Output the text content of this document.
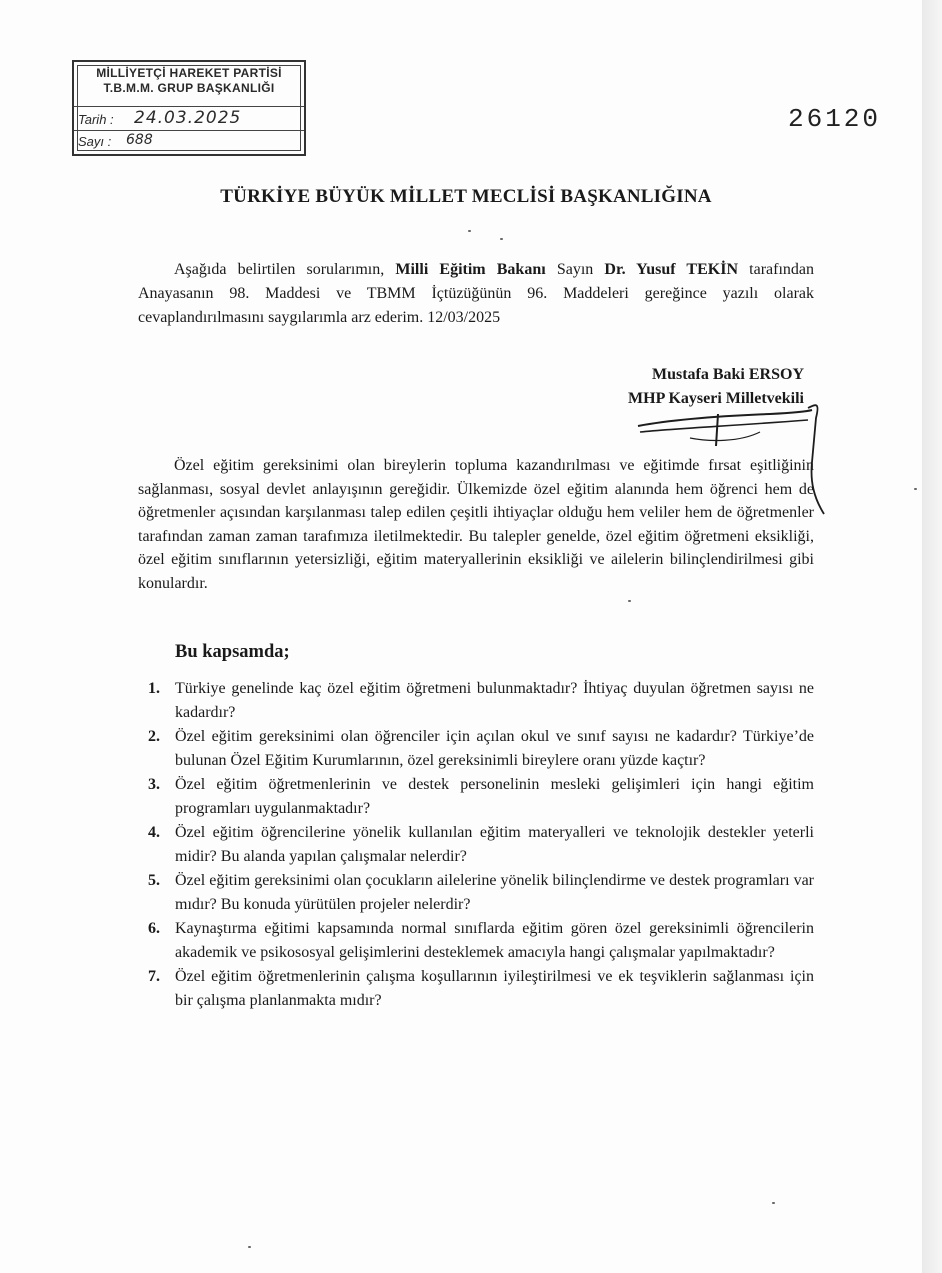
MİLLİYETÇİ HAREKET PARTİSİ
T.B.M.M. GRUP BAŞKANLIĞI
Tarih : 24.03.2025
Sayı : 688
26120
TÜRKİYE BÜYÜK MİLLET MECLİSİ BAŞKANLIĞINA
Aşağıda belirtilen sorularımın, Milli Eğitim Bakanı Sayın Dr. Yusuf TEKİN tarafından Anayasanın 98. Maddesi ve TBMM İçtüzüğünün 96. Maddeleri gereğince yazılı olarak cevaplandırılmasını saygılarımla arz ederim. 12/03/2025
Mustafa Baki ERSOY
MHP Kayseri Milletvekili
Özel eğitim gereksinimi olan bireylerin topluma kazandırılması ve eğitimde fırsat eşitliğinin sağlanması, sosyal devlet anlayışının gereğidir. Ülkemizde özel eğitim alanında hem öğrenci hem de öğretmenler açısından karşılanması talep edilen çeşitli ihtiyaçlar olduğu hem veliler hem de öğretmenler tarafından zaman zaman tarafımıza iletilmektedir. Bu talepler genelde, özel eğitim öğretmeni eksikliği, özel eğitim sınıflarının yetersizliği, eğitim materyallerinin eksikliği ve ailelerin bilinçlendirilmesi gibi konulardır.
Bu kapsamda;
1. Türkiye genelinde kaç özel eğitim öğretmeni bulunmaktadır? İhtiyaç duyulan öğretmen sayısı ne kadardır?
2. Özel eğitim gereksinimi olan öğrenciler için açılan okul ve sınıf sayısı ne kadardır? Türkiye’de bulunan Özel Eğitim Kurumlarının, özel gereksinimli bireylere oranı yüzde kaçtır?
3. Özel eğitim öğretmenlerinin ve destek personelinin mesleki gelişimleri için hangi eğitim programları uygulanmaktadır?
4. Özel eğitim öğrencilerine yönelik kullanılan eğitim materyalleri ve teknolojik destekler yeterli midir? Bu alanda yapılan çalışmalar nelerdir?
5. Özel eğitim gereksinimi olan çocukların ailelerine yönelik bilinçlendirme ve destek programları var mıdır? Bu konuda yürütülen projeler nelerdir?
6. Kaynaştırma eğitimi kapsamında normal sınıflarda eğitim gören özel gereksinimli öğrencilerin akademik ve psikososyal gelişimlerini desteklemek amacıyla hangi çalışmalar yapılmaktadır?
7. Özel eğitim öğretmenlerinin çalışma koşullarının iyileştirilmesi ve ek teşviklerin sağlanması için bir çalışma planlanmakta mıdır?
